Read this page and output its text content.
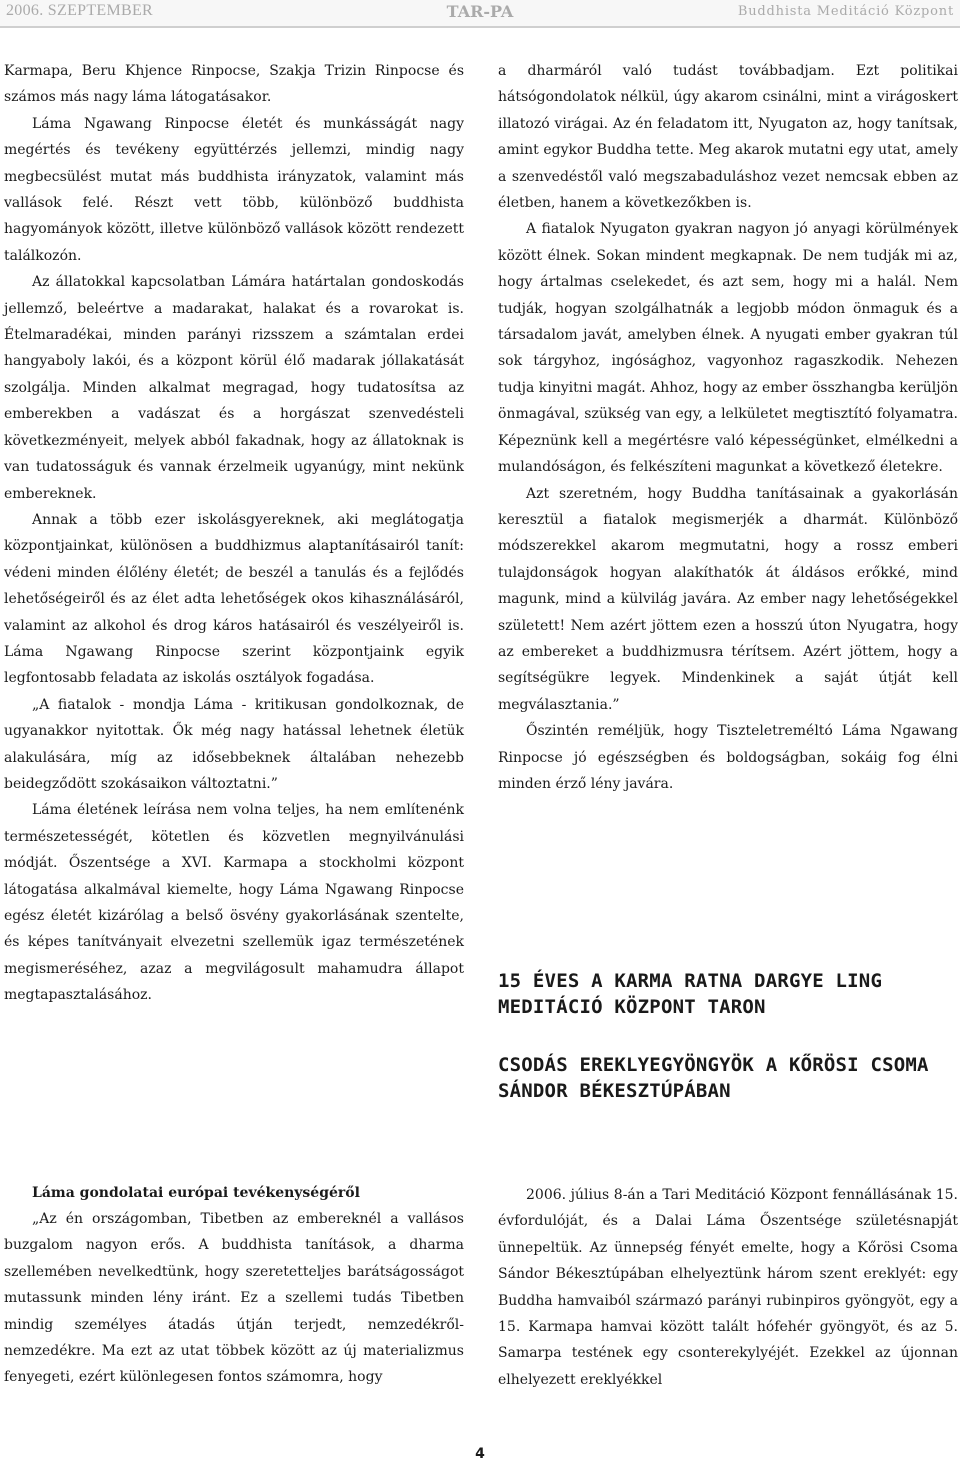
2006. SZEPTEMBER	TAR-PA	Buddhista Meditáció Központ

Karmapa, Beru Khjence Rinpocse, Szakja Trizin Rinpocse és számos más nagy láma látogatásakor.

Láma Ngawang Rinpocse életét és munkásságát nagy megértés és tevékeny együttérzés jellemzi, mindig nagy megbecsülést mutat más buddhista irányzatok, valamint más vallások felé. Részt vett több, különböző buddhista hagyományok között, illetve különböző vallások között rendezett találkozón.

Az állatokkal kapcsolatban Lámára határtalan gondoskodás jellemző, beleértve a madarakat, halakat és a rovarokat is. Ételmaradékai, minden parányi rizsszem a számtalan erdei hangyaboly lakói, és a központ körül élő madarak jóllakatását szolgálja. Minden alkalmat megragad, hogy tudatosítsa az emberekben a vadászat és a horgászat szenvedésteli következményeit, melyek abból fakadnak, hogy az állatoknak is van tudatosságuk és vannak érzelmeik ugyanúgy, mint nekünk embereknek.

Annak a több ezer iskolásgyereknek, aki meglátogatja központjainkat, különösen a buddhizmus alaptanításairól tanít: védeni minden élőlény életét; de beszél a tanulás és a fejlődés lehetőségeiről és az élet adta lehetőségek okos kihasználásáról, valamint az alkohol és drog káros hatásairól és veszélyeiről is. Láma Ngawang Rinpocse szerint központjaink egyik legfontosabb feladata az iskolás osztályok fogadása.

„A fiatalok - mondja Láma - kritikusan gondolkoznak, de ugyanakkor nyitottak. Ők még nagy hatással lehetnek életük alakulására, míg az idősebbeknek általában nehezebb beidegződött szokásaikon változtatni.”

Láma életének leírása nem volna teljes, ha nem említenénk természetességét, kötetlen és közvetlen megnyilvánulási módját. Őszentsége a XVI. Karmapa a stockholmi központ látogatása alkalmával kiemelte, hogy Láma Ngawang Rinpocse egész életét kizárólag a belső ösvény gyakorlásának szentelte, és képes tanítványait elvezetni szellemük igaz természetének megismeréséhez, azaz a megvilágosult mahamudra állapot megtapasztalásához.

Láma gondolatai európai tevékenységéről

„Az én országomban, Tibetben az embereknél a vallásos buzgalom nagyon erős. A buddhista tanítások, a dharma szellemében nevelkedtünk, hogy szeretetteljes barátságosságot mutassunk minden lény iránt. Ez a szellemi tudás Tibetben mindig személyes átadás útján terjedt, nemzedékről-nemzedékre. Ma ezt az utat többek között az új materializmus fenyegeti, ezért különlegesen fontos számomra, hogy

a dharmáról való tudást továbbadjam. Ezt politikai hátsógondolatok nélkül, úgy akarom csinálni, mint a virágoskert illatozó virágai. Az én feladatom itt, Nyugaton az, hogy tanítsak, amint egykor Buddha tette. Meg akarok mutatni egy utat, amely a szenvedéstől való megszabaduláshoz vezet nemcsak ebben az életben, hanem a következőkben is.

A fiatalok Nyugaton gyakran nagyon jó anyagi körülmények között élnek. Sokan mindent megkapnak. De nem tudják mi az, hogy ártalmas cselekedet, és azt sem, hogy mi a halál. Nem tudják, hogyan szolgálhatnák a legjobb módon önmaguk és a társadalom javát, amelyben élnek. A nyugati ember gyakran túl sok tárgyhoz, ingósághoz, vagyonhoz ragaszkodik. Nehezen tudja kinyitni magát. Ahhoz, hogy az ember összhangba kerüljön önmagával, szükség van egy, a lelkületet megtisztító folyamatra. Képeznünk kell a megértésre való képességünket, elmélkedni a mulandóságon, és felkészíteni magunkat a következő életekre.

Azt szeretném, hogy Buddha tanításainak a gyakorlásán keresztül a fiatalok megismerjék a dharmát. Különböző módszerekkel akarom megmutatni, hogy a rossz emberi tulajdonságok hogyan alakíthatók át áldásos erőkké, mind magunk, mind a külvilág javára. Az ember nagy lehetőségekkel született! Nem azért jöttem ezen a hosszú úton Nyugatra, hogy az embereket a buddhizmusra térítsem. Azért jöttem, hogy a segítségükre legyek. Mindenkinek a saját útját kell megválasztania.”

Őszintén reméljük, hogy Tiszteletreméltó Láma Ngawang Rinpocse jó egészségben és boldogságban, sokáig fog élni minden érző lény javára.

15 ÉVES A KARMA RATNA DARGYE LING MEDITÁCIÓ KÖZPONT TARON
CSODÁS EREKLYEGYÖNGYÖK A KŐRÖSI CSOMA SÁNDOR BÉKESZTÚPÁBAN

2006. július 8-án a Tari Meditáció Központ fennállásának 15. évfordulóját, és a Dalai Láma Őszentsége születésnapját ünnepeltük. Az ünnepség fényét emelte, hogy a Kőrösi Csoma Sándor Békesztúpában elhelyeztünk három szent ereklyét: egy Buddha hamvaiból származó parányi rubinpiros gyöngyöt, egy a 15. Karmapa hamvai között talált hófehér gyöngyöt, és az 5. Samarpa testének egy csonterekylyéjét. Ezekkel az újonnan elhelyezett ereklyékkel

4
